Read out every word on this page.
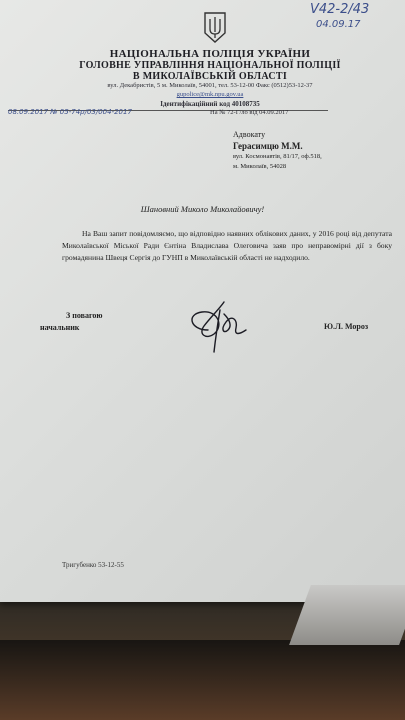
V42-2/43
04.09.17
НАЦІОНАЛЬНА ПОЛІЦІЯ УКРАЇНИ
ГОЛОВНЕ УПРАВЛІННЯ НАЦІОНАЛЬНОЇ ПОЛІЦІЇ
В МИКОЛАЇВСЬКІЙ ОБЛАСТІ
вул. Декабристів, 5 м. Миколаїв, 54001, тел. 53-12-00 Факс (0512)53-12-37
gupolice@mk.npu.gov.ua
Ідентифікаційний код 40108735
08.09.2017 № 05-74р/03/004-2017	На № 72-Г/ло від 04.09.2017
Адвокату
Герасимцю М.М.
вул. Космонавтів, 81/17, оф.518,
м. Миколаїв, 54028
Шановний Миколо Миколайовичу!
На Ваш запит повідомляємо, що відповідно наявних облікових даних, у 2016 році від депутата Миколаївської Міської Ради Єнтіна Владислава Олеговича заяв про неправомірні дії з боку громадянина Швеця Сергія до ГУНП в Миколаївській області не надходило.
З повагою
начальник	Ю.Л. Мороз
Тригубенко 53-12-55
